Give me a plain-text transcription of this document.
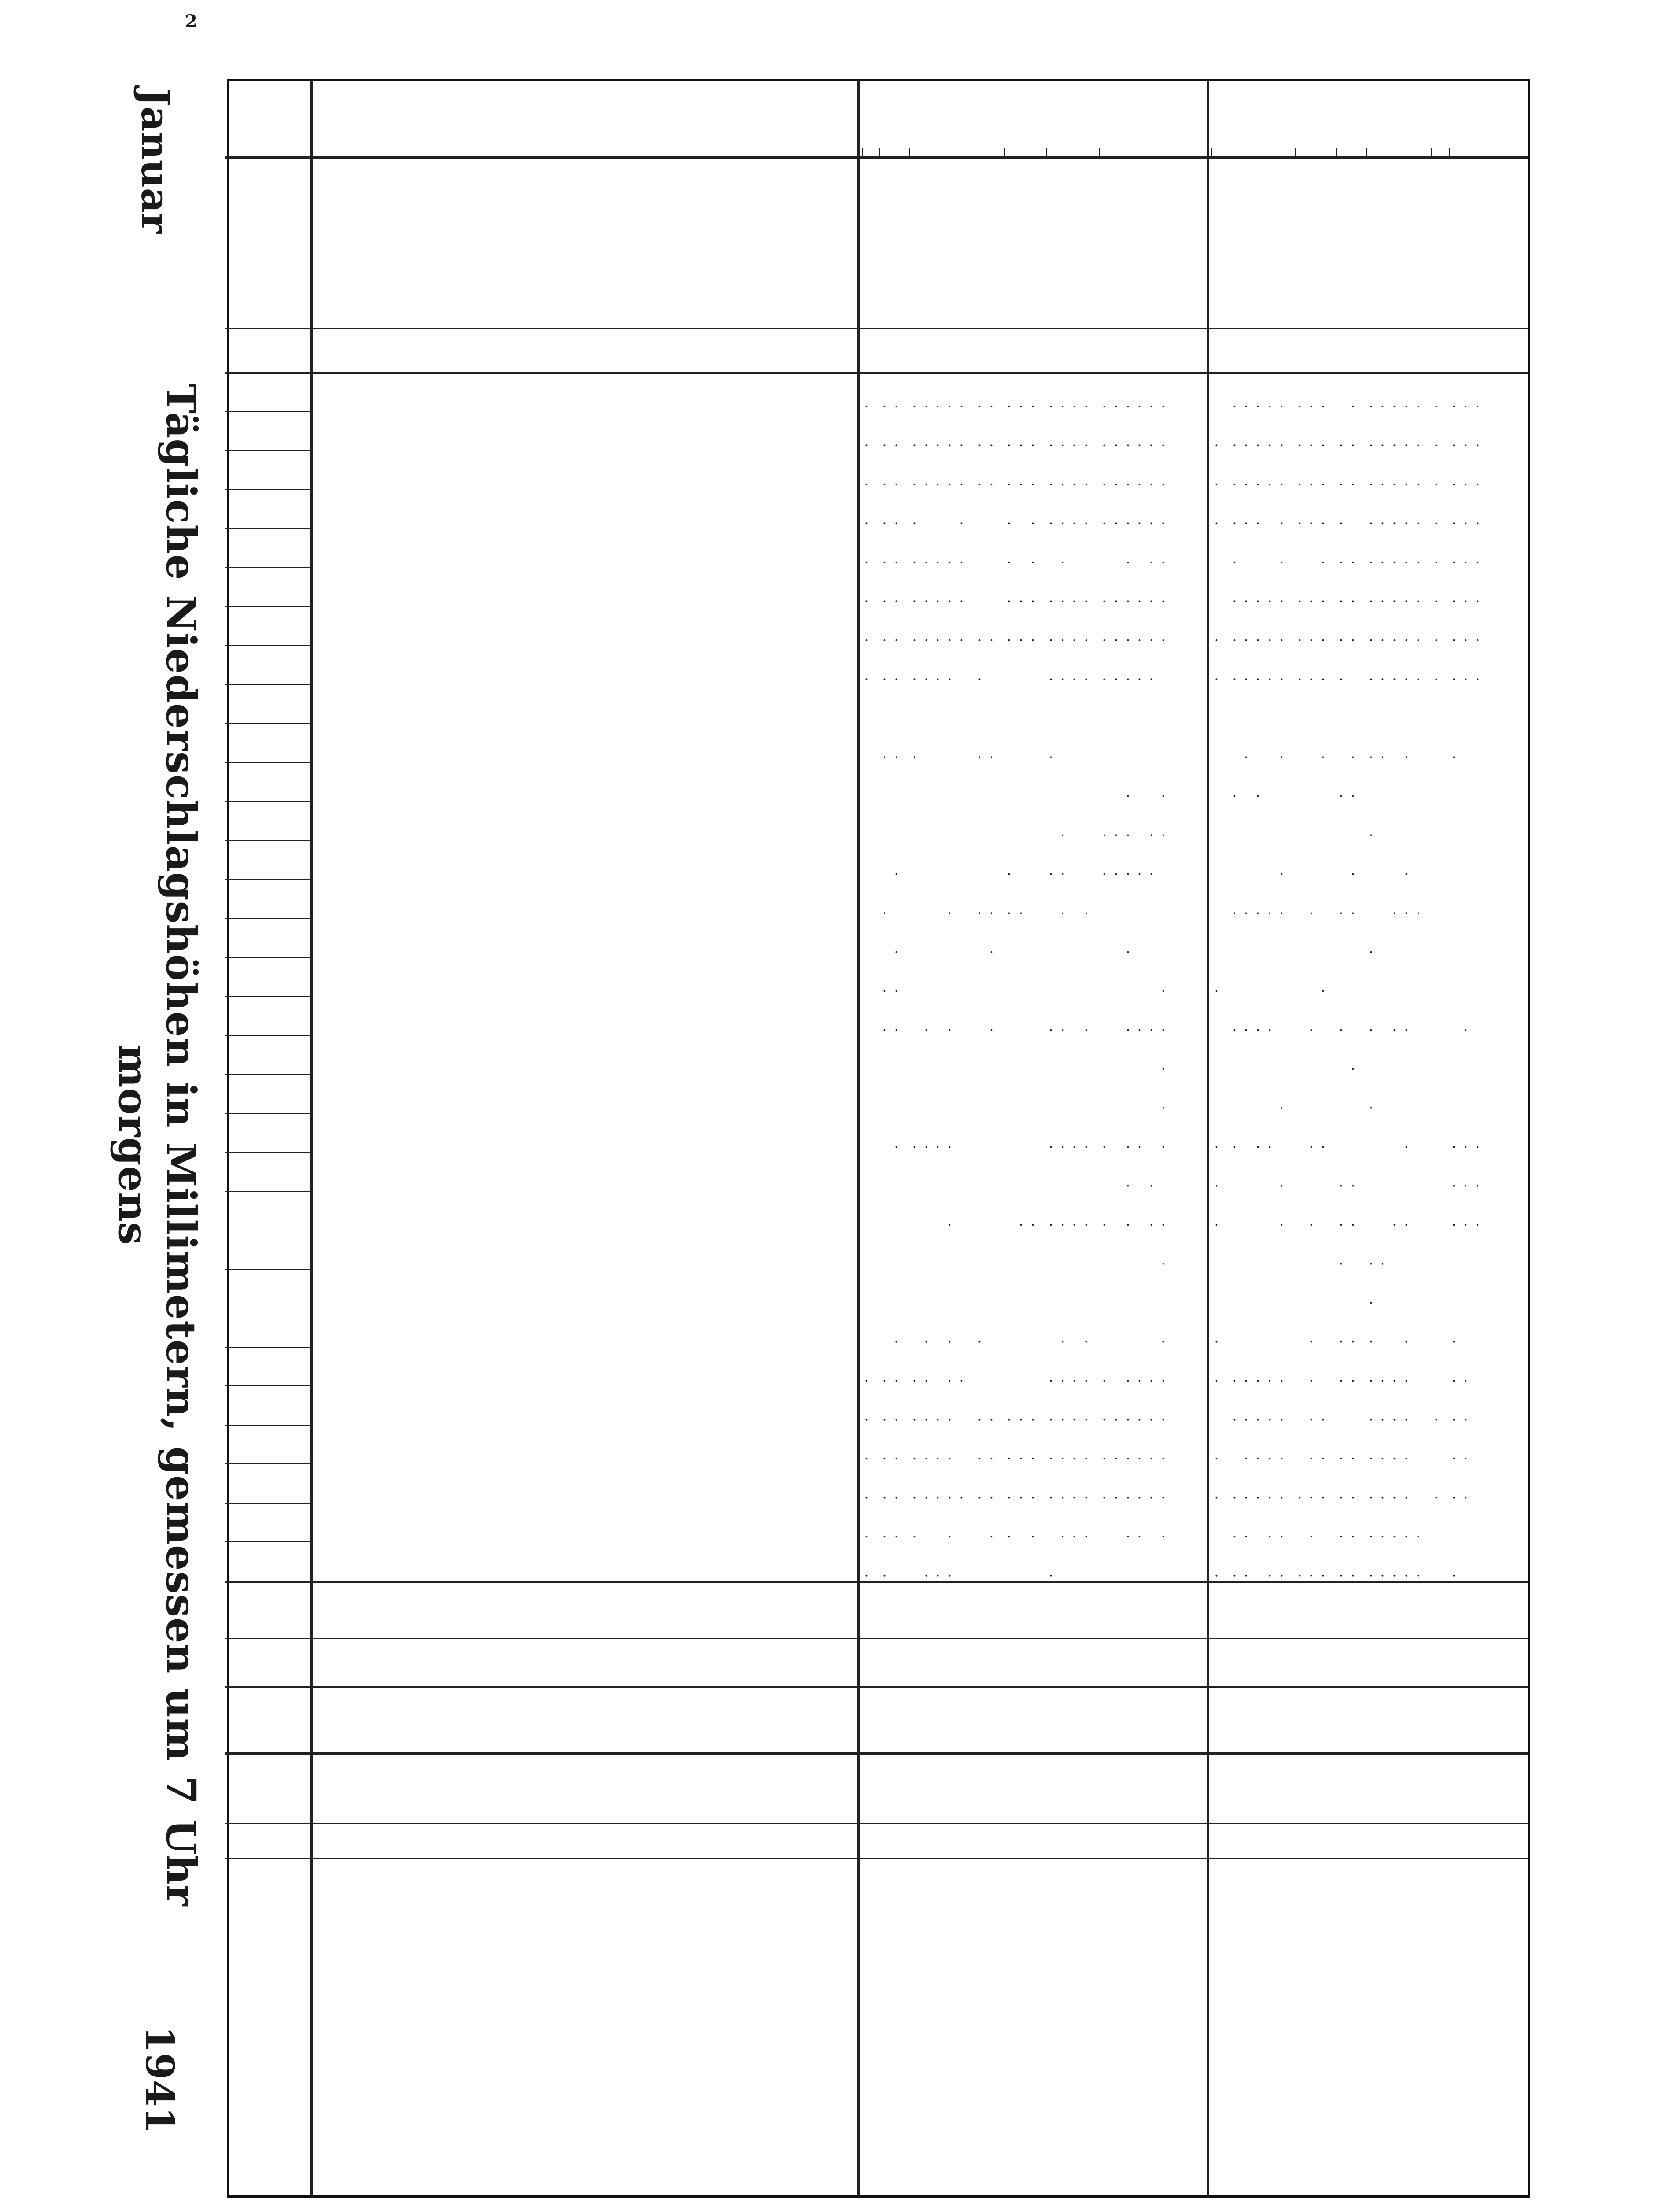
2
Januar
Tägliche Niederschlagshöhen in Millimetern, gemessen um 7 Uhr morgens
1941
.
.
.
.
.
.
.
.
.
.
.
.
.
.
.
.
.
.
.
.
.
.
.
.
.
.
.
.
.
.
.
.
.
.
.
.
.
.
.
.
.
.
.
.
.
.
.
.
.
.
.
.
.
.
.
.
.
.
.
.
.
.
.
.
.
.
.
.
.
.
.
.
.
.
.
.
.
.
.
.
.
.
.
.
.
.
.
.
.
.
.
.
.
.
.
.
.
.
.
.
.
.
.
.
.
.
.
.
.
.
.
.
.
.
.
.
.
.
.
.
.
.
.
.
.
.
.
.
.
.
.
.
.
.
.
.
.
.
.
.
.
.
.
.
.
.
.
.
.
.
.
.
.
.
.
.
.
.
.
.
.
.
.
.
.
.
.
.
.
.
.
.
.
.
.
.
.
.
.
.
.
.
.
.
.
.
.
.
.
.
.
.
.
.
.
.
.
.
.
.
.
.
.
.
.
.
.
.
.
.
.
.
.
.
.
.
.
.
.
.
.
.
.
.
.
.
.
.
.
.
.
.
.
.
.
.
.
.
.
.
.
.
.
.
.
.
.
.
.
.
.
.
.
.
.
.
.
.
.
.
.
.
.
.
.
.
.
.
.
.
.
.
.
.
.
.
.
.
.
.
.
.
.
.
.
.
.
.
.
.
.
.
.
.
.
.
.
.
.
.
.
.
.
.
.
.
.
.
.
.
.
.
.
.
.
.
.
.
.
.
.
.
.
.
.
.
.
.
.
.
.
.
.
.
.
.
.
.
.
.
.
.
.
.
.
.
.
.
.
.
.
.
.
.
.
.
.
.
.
.
.
.
.
.
.
.
.
.
.
.
.
.
.
.
.
.
.
.
.
.
.
.
.
.
.
.
.
.
.
.
.
.
.
.
.
.
.
.
.
.
.
.
.
.
.
.
.
.
.
.
.
.
.
.
.
.
.
.
.
.
.
.
.
.
.
.
.
.
.
.
.
.
.
.
.
.
.
.
.
.
.
.
.
.
.
.
.
.
.
.
.
.
.
.
.
.
.
.
.
.
.
.
.
.
.
.
.
.
.
.
.
.
.
.
.
.
.
.
.
.
.
.
.
.
.
.
.
.
.
.
.
.
.
.
.
.
.
.
.
.
.
.
.
.
.
.
.
.
.
.
.
.
.
.
.
.
.
.
.
.
.
.
.
.
.
.
.
.
.
.
.
.
.
.
.
.
.
.
.
.
.
.
.
.
.
.
.
.
.
.
.
.
.
.
.
.
.
.
.
.
.
.
.
.
.
.
.
.
.
.
.
.
.
.
.
.
.
.
.
.
.
.
.
.
.
.
.
.
.
.
.
.
.
.
.
.
.
.
.
.
.
.
.
.
.
.
.
.
.
.
.
.
.
.
.
.
.
.
.
.
.
.
.
.
.
.
.
.
.
.
.
.
.
.
.
.
.
.
.
.
.
.
.
.
.
.
.
.
.
.
.
.
.
.
.
.
.
.
.
.
.
.
.
.
.
.
.
.
